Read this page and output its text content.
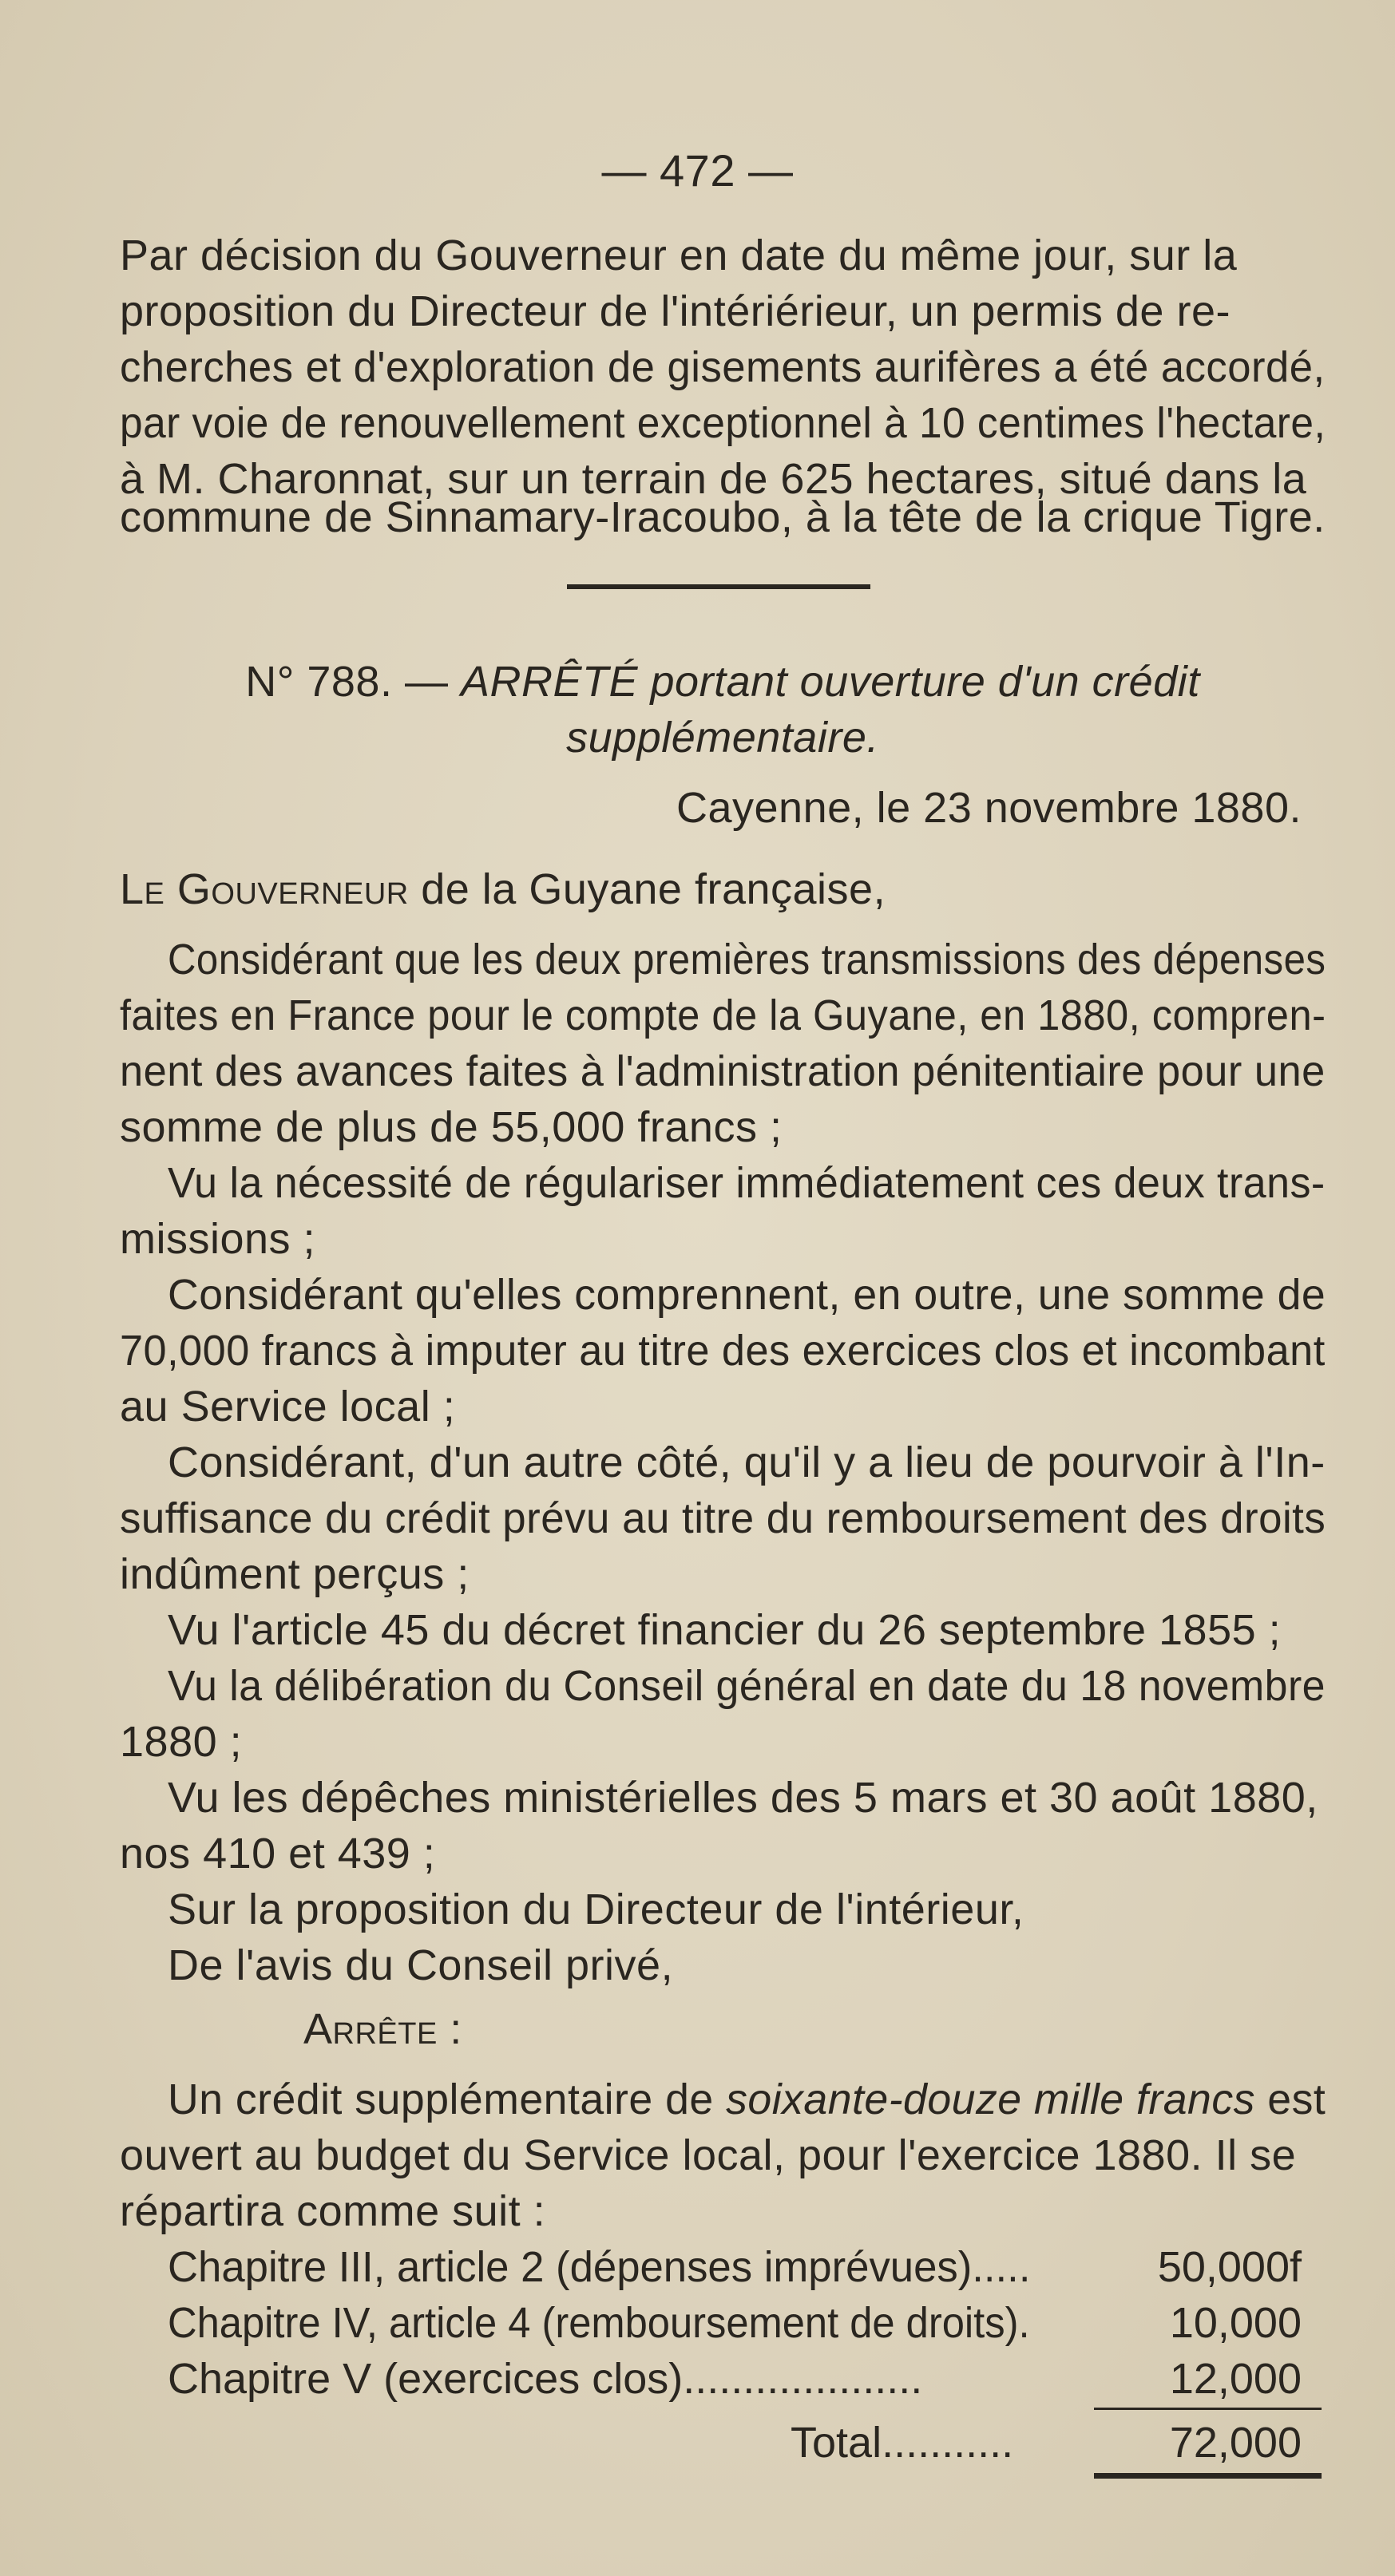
— 472 —
Par décision du Gouverneur en date du même jour, sur la
proposition du Directeur de l'intériérieur, un permis de re-
cherches et d'exploration de gisements aurifères a été accordé,
par voie de renouvellement exceptionnel à 10 centimes l'hectare,
à M. Charonnat, sur un terrain de 625 hectares, situé dans la
commune de Sinnamary-Iracoubo, à la tête de la crique Tigre.
N° 788. — ARRÊTÉ portant ouverture d'un crédit
supplémentaire.
Cayenne, le 23 novembre 1880.
Le Gouverneur de la Guyane française,
Considérant que les deux premières transmissions des dépenses
faites en France pour le compte de la Guyane, en 1880, compren-
nent des avances faites à l'administration pénitentiaire pour une
somme de plus de 55,000 francs ;
Vu la nécessité de régulariser immédiatement ces deux trans-
missions ;
Considérant qu'elles comprennent, en outre, une somme de
70,000 francs à imputer au titre des exercices clos et incombant
au Service local ;
Considérant, d'un autre côté, qu'il y a lieu de pourvoir à l'In-
suffisance du crédit prévu au titre du remboursement des droits
indûment perçus ;
Vu l'article 45 du décret financier du 26 septembre 1855 ;
Vu la délibération du Conseil général en date du 18 novembre
1880 ;
Vu les dépêches ministérielles des 5 mars et 30 août 1880,
nos 410 et 439 ;
Sur la proposition du Directeur de l'intérieur,
De l'avis du Conseil privé,
Arrête :
Un crédit supplémentaire de soixante-douze mille francs est
ouvert au budget du Service local, pour l'exercice 1880. Il se
répartira comme suit :
Chapitre III, article 2 (dépenses imprévues).....	50,000f
Chapitre IV, article 4 (remboursement de droits).	10,000
Chapitre V (exercices clos)....................	12,000
Total...........	72,000
